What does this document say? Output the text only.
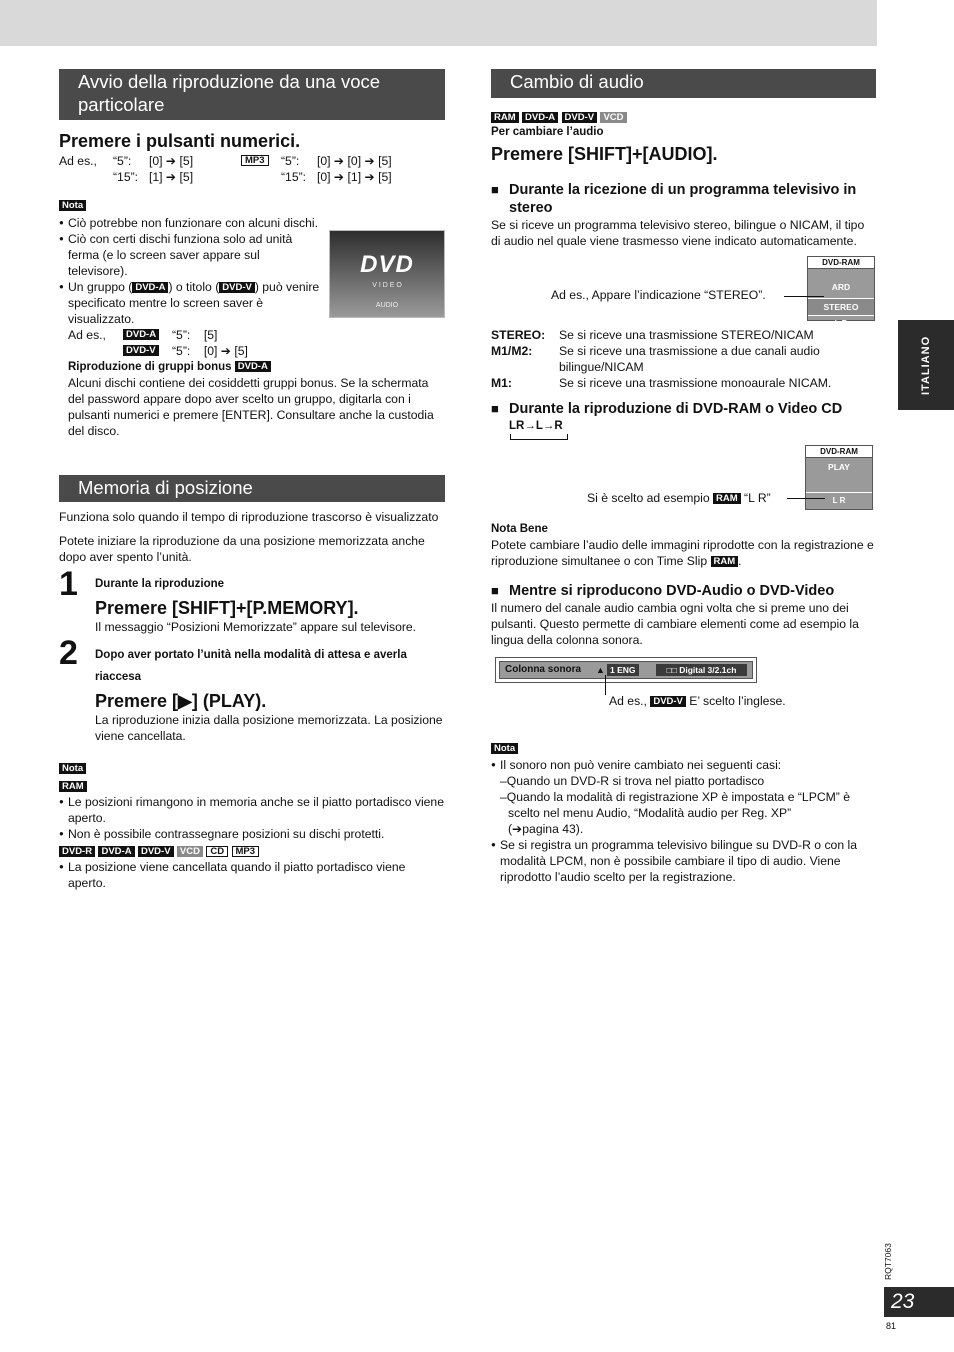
ITALIANO
Avvio della riproduzione da una voce particolare
Premere i pulsanti numerici.
Ad es., “5”: [0] ➔ [5]
“15”: [1] ➔ [5]
MP3	“5”: [0] ➔ [0] ➔ [5]
“15”: [0] ➔ [1] ➔ [5]
Nota

● Ciò potrebbe non funzionare con alcuni dischi.

● Ciò con certi dischi funziona solo ad unità ferma (e lo screen saver appare sul televisore).

● Un gruppo ( DVD-A ) o titolo ( DVD-V ) può venire specificato mentre lo screen saver è visualizzato.

DVD
V I D E O
AUDIO
Ad es.,	DVD-A “5”:    [5]
DVD-V “5”:    [0] ➔ [5]

Riproduzione di gruppi bonus DVD-A

Alcuni dischi contiene dei cosiddetti gruppi bonus. Se la schermata del password appare dopo aver scelto un gruppo, digitarla con i pulsanti numerici e premere [ENTER]. Consultare anche la custodia del disco.

Memoria di posizione

Funziona solo quando il tempo di riproduzione trascorso è visualizzato

Potete iniziare la riproduzione da una posizione memorizzata anche dopo aver spento l’unità.

1 Durante la riproduzione

Premere [SHIFT]+[P.MEMORY].

Il messaggio “Posizioni Memorizzate” appare sul televisore.

2 Dopo aver portato l’unità nella modalità di attesa e averla riaccesa

Premere [▶] (PLAY).

La riproduzione inizia dalla posizione memorizzata. La posizione viene cancellata.

Nota
RAM

● Le posizioni rimangono in memoria anche se il piatto portadisco viene aperto.

● Non è possibile contrassegnare posizioni su dischi protetti.

DVD-R DVD-A DVD-V VCD CD MP3

● La posizione viene cancellata quando il piatto portadisco viene aperto.

Cambio di audio
RAM DVD-A DVD-V VCD

Per cambiare l’audio

Premere [SHIFT]+[AUDIO].

■ Durante la ricezione di un programma televisivo in stereo

Se si riceve un programma televisivo stereo, bilingue o NICAM, il tipo di audio nel quale viene trasmesso viene indicato automaticamente.

DVD-RAM
ARD
STEREO
L R

Ad es., Appare l’indicazione “STEREO”.

STEREO: Se si riceve una trasmissione STEREO/NICAM
M1/M2: Se si riceve una trasmissione a due canali audio bilingue/NICAM
M1:	Se si riceve una trasmissione monoaurale NICAM.

■ Durante la riproduzione di DVD-RAM o Video CD

LR→L→R

DVD-RAM
PLAY
L R

Si è scelto ad esempio RAM “L R”

Nota Bene

Potete cambiare l’audio delle immagini riprodotte con la registrazione e riproduzione simultanee o con Time Slip RAM .

■ Mentre si riproducono DVD-Audio o DVD-Video

Il numero del canale audio cambia ogni volta che si preme uno dei pulsanti. Questo permette di cambiare elementi come ad esempio la lingua della colonna sonora.

Colonna sonora ▲ 1 ENG	□□ Digital 3/2.1ch

Ad es., DVD-V E’ scelto l’inglese.

Nota

● Il sonoro non può venire cambiato nei seguenti casi:

–Quando un DVD-R si trova nel piatto portadisco

–Quando la modalità di registrazione XP è impostata e “LPCM” è scelto nel menu Audio, “Modalità audio per Reg. XP”

(➔pagina 43).

● Se si registra un programma televisivo bilingue su DVD-R o con la modalità LPCM, non è possibile cambiare il tipo di audio. Viene riprodotto l’audio scelto per la registrazione.

RQT7063
23
81
